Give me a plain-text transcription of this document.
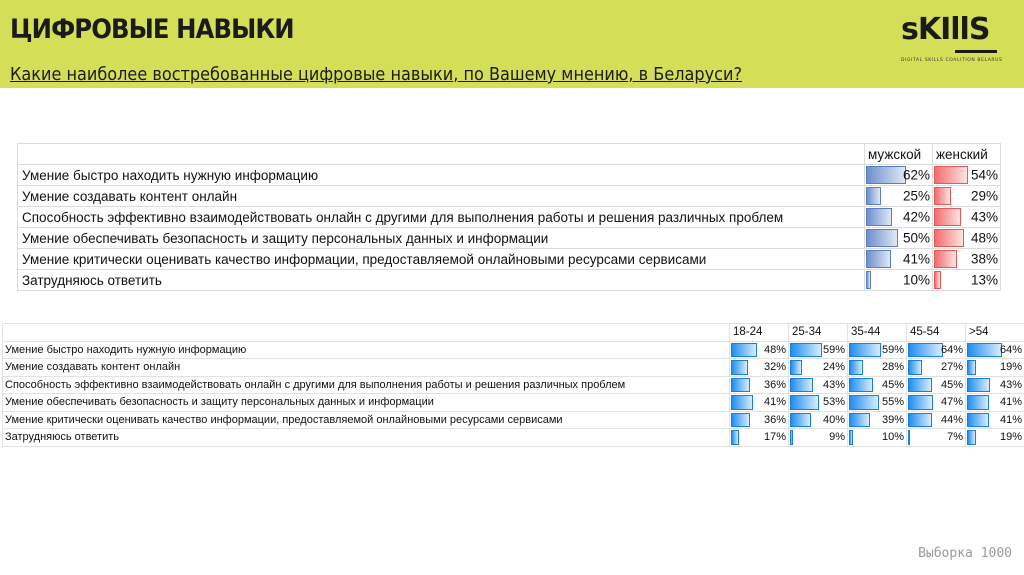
ЦИФРОВЫЕ НАВЫКИ
Какие наиболее востребованные цифровые навыки, по Вашему мнению, в Беларуси?
sKIllS
DIGITAL SKILLS COALITION BELARUS
	мужской	женский
Умение быстро находить нужную информацию	62%	54%

Умение создавать контент онлайн	25%	29%

Способность эффективно взаимодействовать онлайн с другими для выполнения работы и решения различных проблем	42%	43%

Умение обеспечивать безопасность и защиту персональных данных и информации	50%	48%

Умение критически оценивать качество информации, предоставляемой онлайновыми ресурсами сервисами	41%	38%

Затрудняюсь ответить	10%	13%
	18-24	25-34	35-44	45-54	>54
Умение быстро находить нужную информацию	48%	59%	59%	64%	64%

Умение создавать контент онлайн	32%	24%	28%	27%	19%

Способность эффективно взаимодействовать онлайн с другими для выполнения работы и решения различных проблем	36%	43%	45%	45%	43%

Умение обеспечивать безопасность и защиту персональных данных и информации	41%	53%	55%	47%	41%

Умение критически оценивать качество информации, предоставляемой онлайновыми ресурсами сервисами	36%	40%	39%	44%	41%

Затрудняюсь ответить	17%	9%	10%	7%	19%
Выборка 1000
